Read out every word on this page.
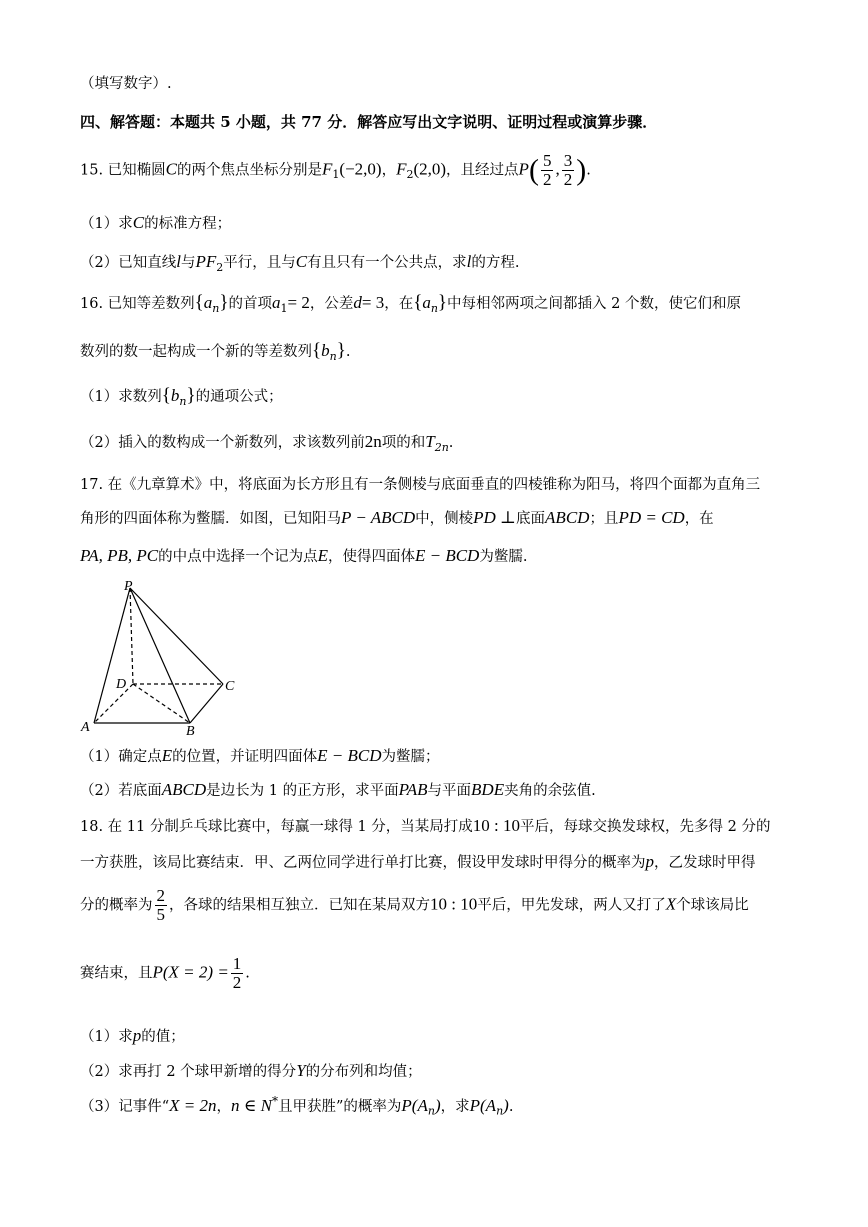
（填写数字）.
四、解答题：本题共 5 小题，共 77 分．解答应写出文字说明、证明过程或演算步骤．
15. 已知椭圆C的两个焦点坐标分别是$F_1(-2,0)$，$F_2(2,0)$，且经过点$P( \frac{5}{2}$ , $\frac{3}{2}$ ).
（1）求C的标准方程；
（2）已知直线l与$PF_2$平行，且与C有且只有一个公共点，求l的方程.
16. 已知等差数列$\{a_n\}$的首项$a_1= 2$，公差d= 3，在$\{a_n\}$中每相邻两项之间都插入 2 个数，使它们和原
数列的数一起构成一个新的等差数列$\{b_n\}$.
（1）求数列$\{b_n\}$的通项公式；
（2）插入的数构成一个新数列，求该数列前2n项的和$T_{2n}$.
17. 在《九章算术》中，将底面为长方形且有一条侧棱与底面垂直的四棱锥称为阳马，将四个面都为直角三
角形的四面体称为鳖臑．如图，已知阳马P − ABCD中，侧棱PD ⊥底面ABCD；且PD = CD，在
PA, PB, PC的中点中选择一个记为点E，使得四面体E − BCD为鳖臑.
P
D	C
A	B
（1）确定点E的位置，并证明四面体E − BCD为鳖臑；
（2）若底面ABCD是边长为 1 的正方形，求平面PAB与平面BDE夹角的余弦值.
18. 在 11 分制乒乓球比赛中，每赢一球得 1 分，当某局打成10 : 10平后，每球交换发球权，先多得 2 分的
一方获胜，该局比赛结束．甲、乙两位同学进行单打比赛，假设甲发球时甲得分的概率为p，乙发球时甲得
分的概率为 $\frac{2}{5}$ ，各球的结果相互独立．已知在某局双方10 : 10平后，甲先发球，两人又打了X个球该局比
赛结束，且$P(X = 2) = \frac{1}{2}$ .
（1）求p的值；
（2）求再打 2 个球甲新增的得分Y的分布列和均值；
（3）记事件“X = 2n，n ∈ N*且甲获胜”的概率为$P(A_n)$，求$P(A_n)$.
